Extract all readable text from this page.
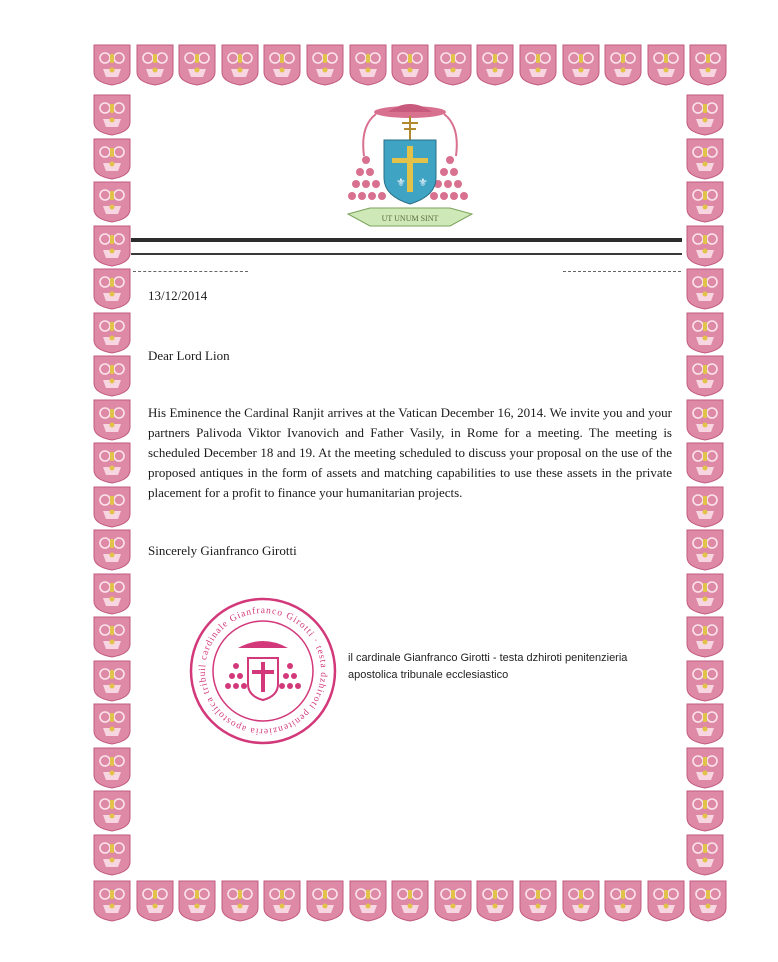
⚜ ⚜
UT UNUM SINT
13/12/2014
Dear Lord Lion
His Eminence the Cardinal Ranjit arrives at the Vatican December 16, 2014. We invite you and your partners Palivoda Viktor Ivanovich and Father Vasily, in Rome for a meeting. The meeting is scheduled December 18 and 19. At the meeting scheduled to discuss your proposal on the use of the proposed antiques in the form of assets and matching capabilities to use these assets in the private placement for a profit to finance your humanitarian projects.
Sincerely Gianfranco Girotti
il cardinale Gianfranco Girotti · testa dzhiroti penitenzieria apostolica tribu
il cardinale Gianfranco Girotti - testa dzhiroti penitenzieria
apostolica tribunale ecclesiastico
